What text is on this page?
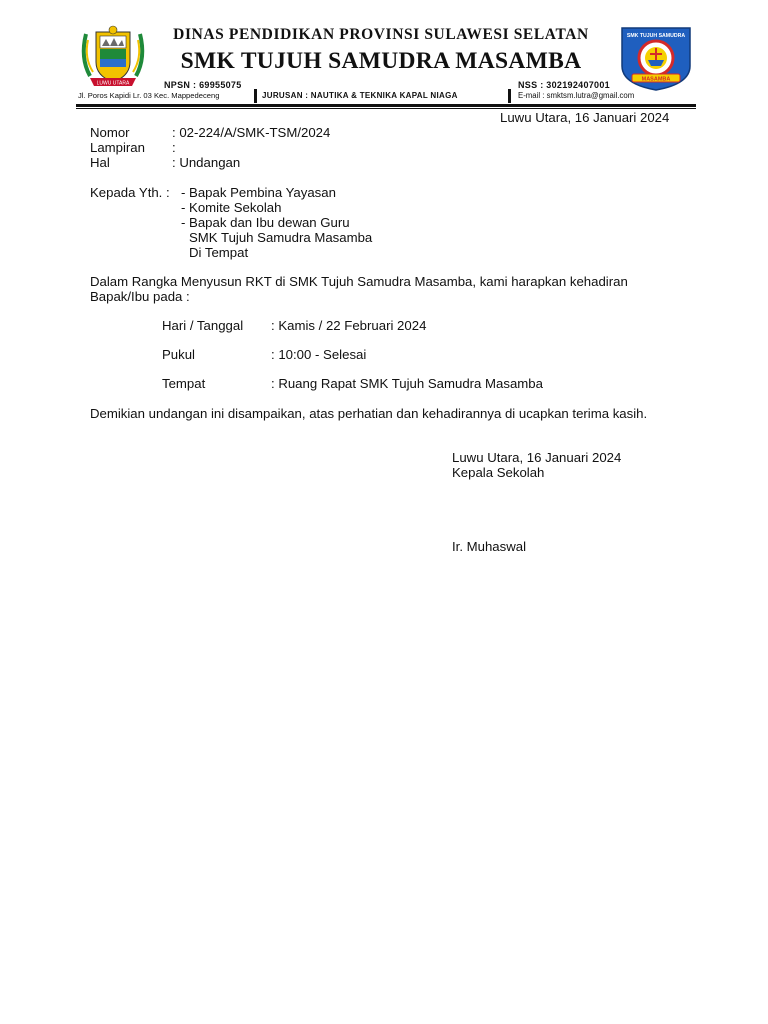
LUWU UTARA
DINAS PENDIDIKAN PROVINSI SULAWESI SELATAN
SMK TUJUH SAMUDRA MASAMBA
SMK TUJUH SAMUDRA
MASAMBA
NPSN : 69955075	NSS : 302192407001
Jl. Poros Kapidi Lr. 03 Kec. Mappedeceng	JURUSAN : NAUTIKA & TEKNIKA KAPAL NIAGA	E-mail : smktsm.lutra@gmail.com
Luwu Utara, 16 Januari 2024
Nomor	: 02-224/A/SMK-TSM/2024
Lampiran :
Hal	: Undangan
Kepada Yth. : - Bapak Pembina Yayasan
- Komite Sekolah
- Bapak dan Ibu dewan Guru
SMK Tujuh Samudra Masamba
Di Tempat
Dalam Rangka Menyusun RKT di SMK Tujuh Samudra Masamba, kami harapkan kehadiran
Bapak/Ibu pada :
Hari / Tanggal : Kamis / 22 Februari 2024
Pukul	: 10:00 - Selesai
Tempat	: Ruang Rapat SMK Tujuh Samudra Masamba
Demikian undangan ini disampaikan, atas perhatian dan kehadirannya di ucapkan terima kasih.
Luwu Utara, 16 Januari 2024
Kepala Sekolah
Ir. Muhaswal
